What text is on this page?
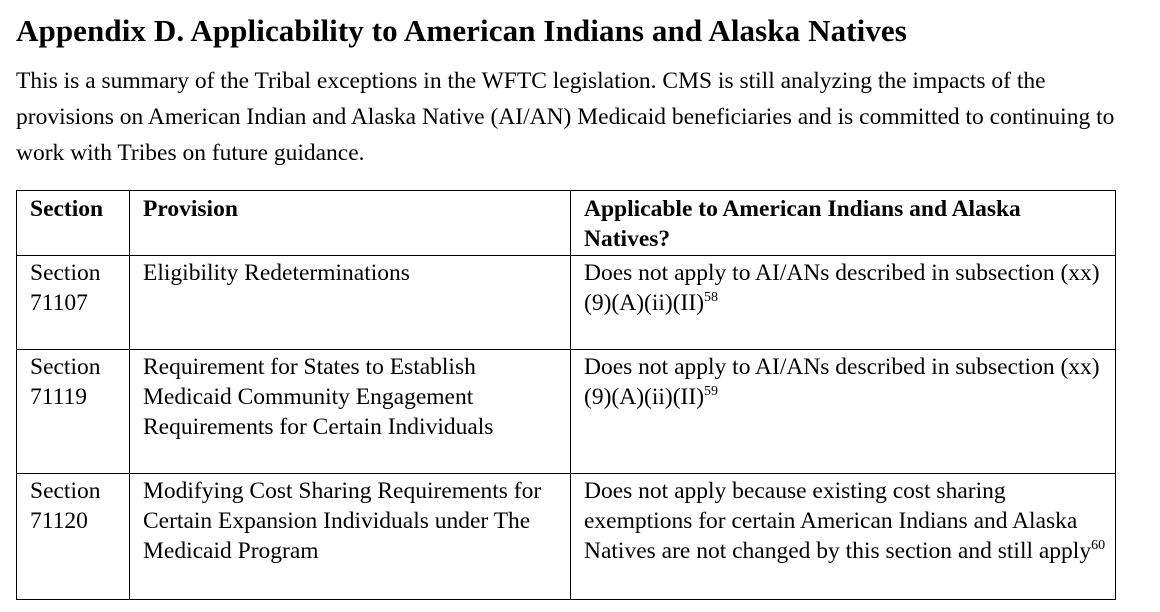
Appendix D. Applicability to American Indians and Alaska Natives

This is a summary of the Tribal exceptions in the WFTC legislation. CMS is still analyzing the impacts of the provisions on American Indian and Alaska Native (AI/AN) Medicaid beneficiaries and is committed to continuing to work with Tribes on future guidance.

Section	Provision	Applicable to American Indians and Alaska Natives?
Section 71107	Eligibility Redeterminations	Does not apply to AI/ANs described in subsection (xx)(9)(A)(ii)(II)$^{58}$
Section 71119	Requirement for States to Establish Medicaid Community Engagement Requirements for Certain Individuals	Does not apply to AI/ANs described in subsection (xx)(9)(A)(ii)(II)$^{59}$
Section 71120	Modifying Cost Sharing Requirements for Certain Expansion Individuals under The Medicaid Program	Does not apply because existing cost sharing exemptions for certain American Indians and Alaska Natives are not changed by this section and still apply$^{60}$
